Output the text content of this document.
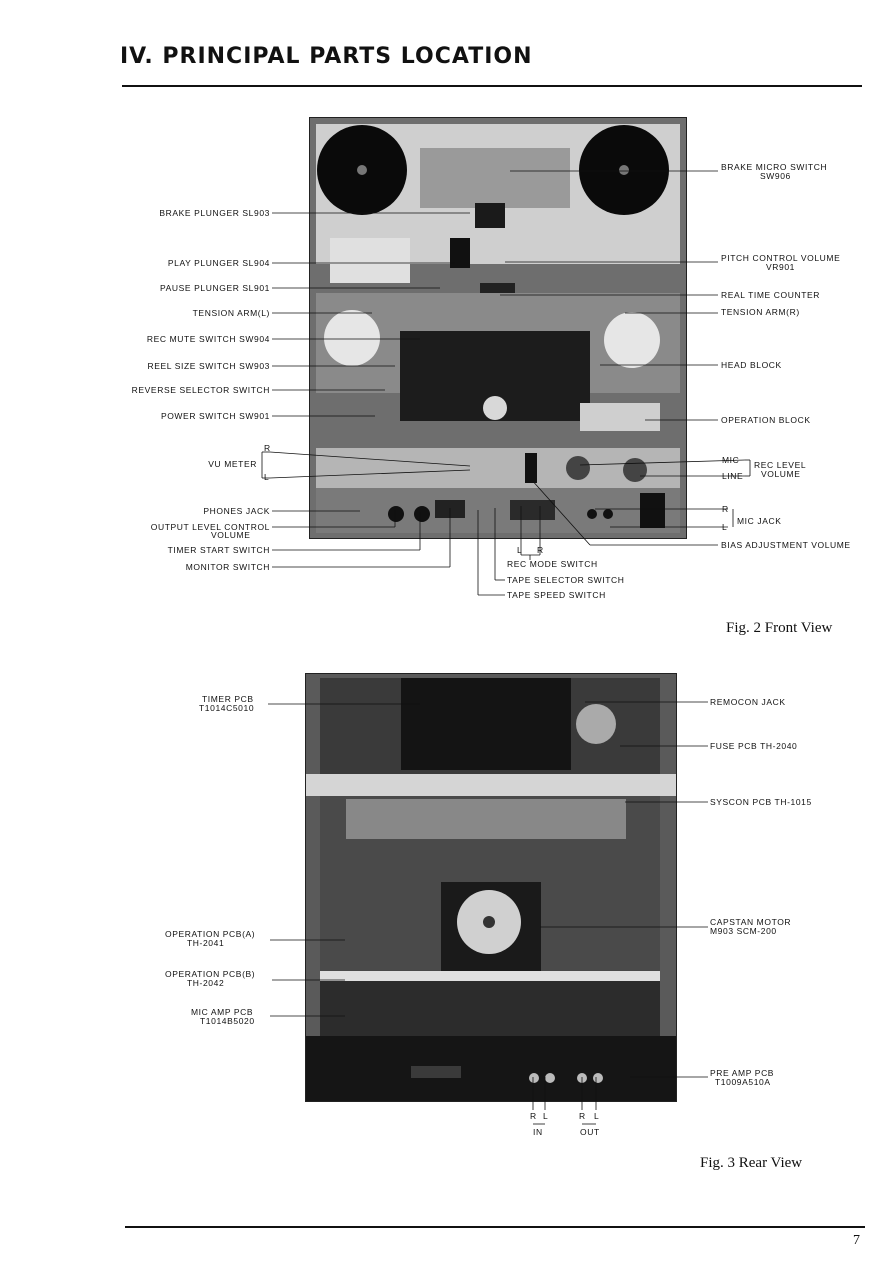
IV. PRINCIPAL PARTS LOCATION
BRAKE PLUNGER SL903
PLAY PLUNGER SL904
PAUSE PLUNGER SL901
TENSION ARM(L)
REC MUTE SWITCH SW904
REEL SIZE SWITCH SW903
REVERSE SELECTOR SWITCH
POWER SWITCH SW901
R
VU METER
L
PHONES JACK
OUTPUT LEVEL CONTROL
VOLUME
TIMER START SWITCH
MONITOR SWITCH
BRAKE MICRO SWITCH
SW906
PITCH CONTROL VOLUME
VR901
REAL TIME COUNTER
TENSION ARM(R)
HEAD BLOCK
OPERATION BLOCK
MIC
LINE
REC LEVEL
VOLUME
R
L
MIC JACK
BIAS ADJUSTMENT VOLUME
L R
REC MODE SWITCH
TAPE SELECTOR SWITCH
TAPE SPEED SWITCH
Fig. 2 Front View
TIMER PCB
T1014C5010
OPERATION PCB(A)
TH-2041
OPERATION PCB(B)
TH-2042
MIC AMP PCB
T1014B5020
REMOCON JACK
FUSE PCB TH-2040
SYSCON PCB TH-1015
CAPSTAN MOTOR
M903 SCM-200
PRE AMP PCB
T1009A510A
R L
IN
R L
OUT
Fig. 3 Rear View
7
